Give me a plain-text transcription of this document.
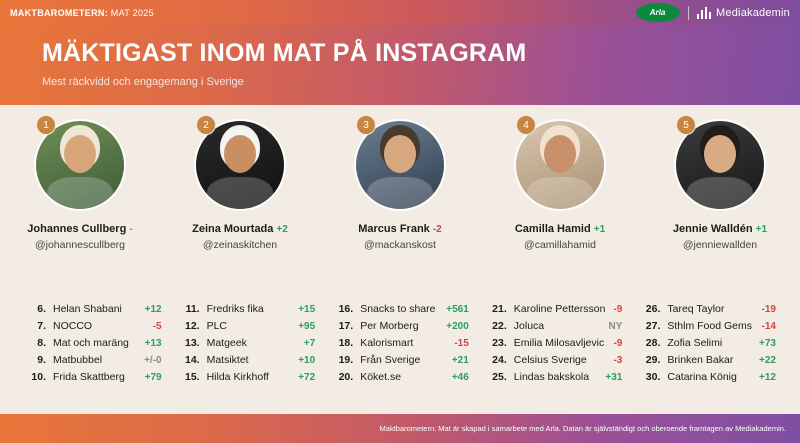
MAKTBAROMETERN: MAT 2025	Arla	Mediakademin
MÄKTIGAST INOM MAT PÅ INSTAGRAM
Mest räckvidd och engagemang i Sverige
1
Johannes Cullberg -
@johannescullberg
2
Zeina Mourtada +2
@zeinaskitchen
3
Marcus Frank -2
@mackanskost
4
Camilla Hamid +1
@camillahamid
5
Jennie Walldén +1
@jenniewallden
6. Helan Shabani	+12
7. NOCCO	-5
8. Mat och maräng	+13
9. Matbubbel	+/-0
10. Frida Skattberg	+79
11. Fredriks fika	+15
12. PLC	+95
13. Matgeek	+7
14. Matsiktet	+10
15. Hilda Kirkhoff	+72
16. Snacks to share	+561
17. Per Morberg	+200
18. Kalorismart	-15
19. Från Sverige	+21
20. Köket.se	+46
21. Karoline Pettersson -9
22. Joluca	NY
23. Emilia Milosavljevic -9
24. Celsius Sverige	-3
25. Lindas bakskola	+31
26. Tareq Taylor	-19
27. Sthlm Food Gems -14
28. Zofia Selimi	+73
29. Brinken Bakar	+22
30. Catarina König	+12
Maktbarometern: Mat är skapad i samarbete med Arla. Datan är självständigt och oberoende framtagen av Mediakademin.
